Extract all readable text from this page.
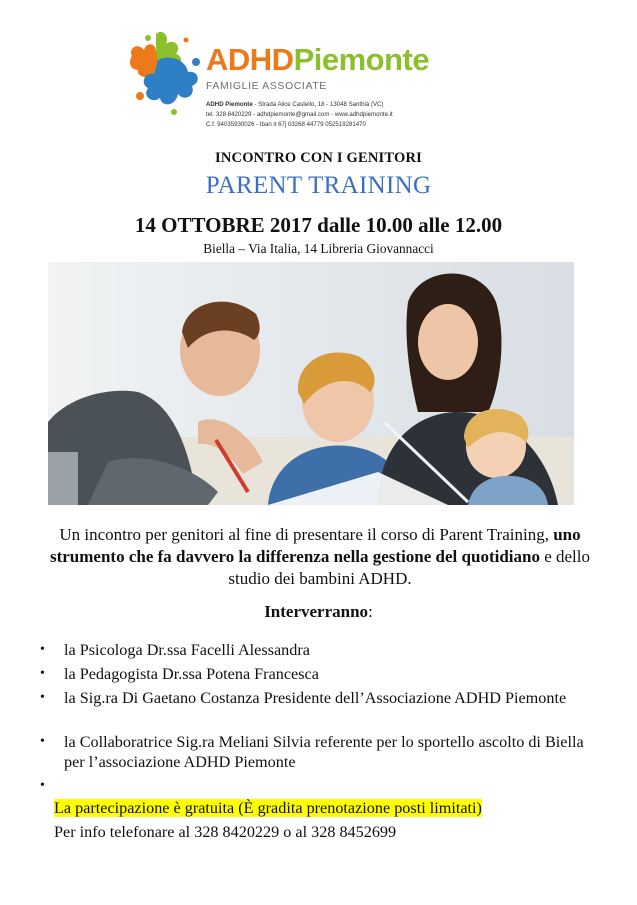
ADHDPiemonte
FAMIGLIE ASSOCIATE
ADHD Piemonte - Strada Alice Castello, 18 - 13048 Santhià (VC)
tel. 328 8420229 - adhdpiemonte@gmail.com - www.adhdpiemonte.it
C.f. 94035930026 - Iban it 67j 03268 44779 052519281470
INCONTRO CON I GENITORI
PARENT TRAINING
14 OTTOBRE 2017 dalle 10.00 alle 12.00
Biella – Via Italia, 14 Libreria Giovannacci
Un incontro per genitori al fine di presentare il corso di Parent Training, uno strumento che fa davvero la differenza nella gestione del quotidiano e dello studio dei bambini ADHD.
Interverranno:
• la Psicologa Dr.ssa Facelli Alessandra
• la Pedagogista Dr.ssa Potena Francesca
• la Sig.ra Di Gaetano Costanza Presidente dell’Associazione ADHD Piemonte
• la Collaboratrice Sig.ra Meliani Silvia referente per lo sportello ascolto di Biella per l’associazione ADHD Piemonte
•
La partecipazione è gratuita (È gradita prenotazione posti limitati)
Per info telefonare al 328 8420229 o al 328 8452699
